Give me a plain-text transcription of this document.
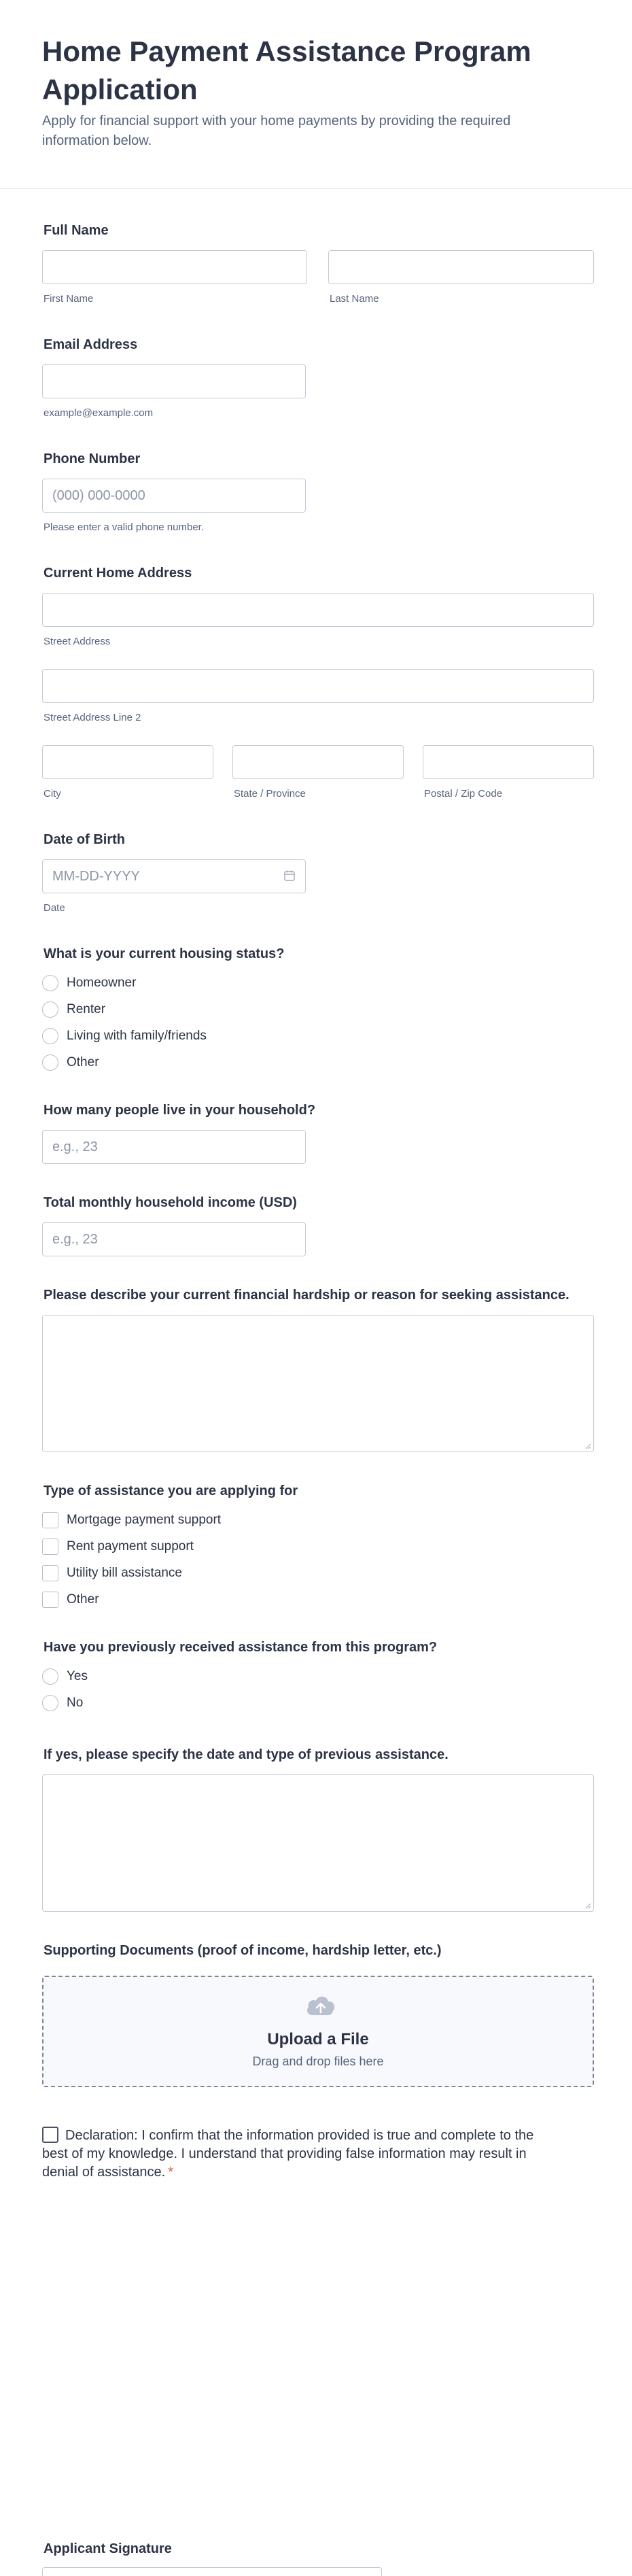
Home Payment Assistance Program Application
Apply for financial support with your home payments by providing the required information below.
Full Name
First Name	Last Name
Email Address
example@example.com
Phone Number
(000) 000-0000
Please enter a valid phone number.
Current Home Address
Street Address
Street Address Line 2
City	State / Province	Postal / Zip Code
Date of Birth
MM-DD-YYYY
Date
What is your current housing status?
Homeowner
Renter
Living with family/friends
Other
How many people live in your household?
e.g., 23
Total monthly household income (USD)
e.g., 23
Please describe your current financial hardship or reason for seeking assistance.
Type of assistance you are applying for
Mortgage payment support
Rent payment support
Utility bill assistance
Other
Have you previously received assistance from this program?
Yes
No
If yes, please specify the date and type of previous assistance.
Supporting Documents (proof of income, hardship letter, etc.)
Upload a File
Drag and drop files here
Declaration: I confirm that the information provided is true and complete to the best of my knowledge. I understand that providing false information may result in denial of assistance. *
Applicant Signature
